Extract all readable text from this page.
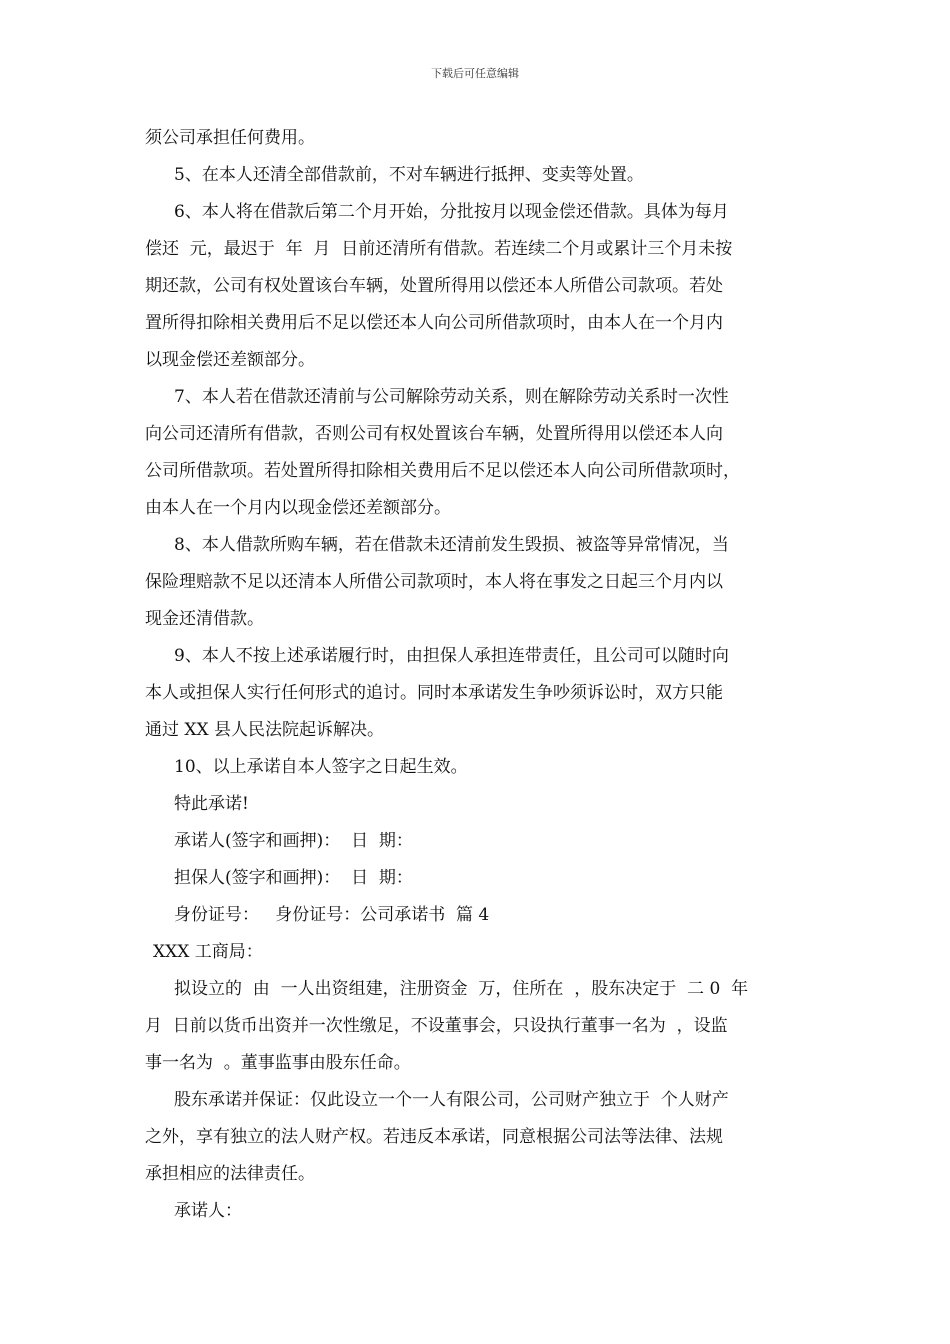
下载后可任意编辑
须公司承担任何费用。
5、在本人还清全部借款前，不对车辆进行抵押、变卖等处置。
6、本人将在借款后第二个月开始，分批按月以现金偿还借款。具体为每月
偿还  元，最迟于  年  月  日前还清所有借款。若连续二个月或累计三个月未按
期还款，公司有权处置该台车辆，处置所得用以偿还本人所借公司款项。若处
置所得扣除相关费用后不足以偿还本人向公司所借款项时，由本人在一个月内
以现金偿还差额部分。
7、本人若在借款还清前与公司解除劳动关系，则在解除劳动关系时一次性
向公司还清所有借款，否则公司有权处置该台车辆，处置所得用以偿还本人向
公司所借款项。若处置所得扣除相关费用后不足以偿还本人向公司所借款项时，
由本人在一个月内以现金偿还差额部分。
8、本人借款所购车辆，若在借款未还清前发生毁损、被盗等异常情况，当
保险理赔款不足以还清本人所借公司款项时，本人将在事发之日起三个月内以
现金还清借款。
9、本人不按上述承诺履行时，由担保人承担连带责任，且公司可以随时向
本人或担保人实行任何形式的追讨。同时本承诺发生争吵须诉讼时，双方只能
通过 XX 县人民法院起诉解决。
10、以上承诺自本人签字之日起生效。
特此承诺!
承诺人(签字和画押)：  日  期：
担保人(签字和画押)：  日  期：
身份证号：   身份证号：公司承诺书  篇 4
XXX 工商局：
拟设立的  由  一人出资组建，注册资金  万，住所在  ，股东决定于  二 0  年
月  日前以货币出资并一次性缴足，不设董事会，只设执行董事一名为  ，设监
事一名为  。董事监事由股东任命。
股东承诺并保证：仅此设立一个一人有限公司，公司财产独立于  个人财产
之外，享有独立的法人财产权。若违反本承诺，同意根据公司法等法律、法规
承担相应的法律责任。
承诺人：
